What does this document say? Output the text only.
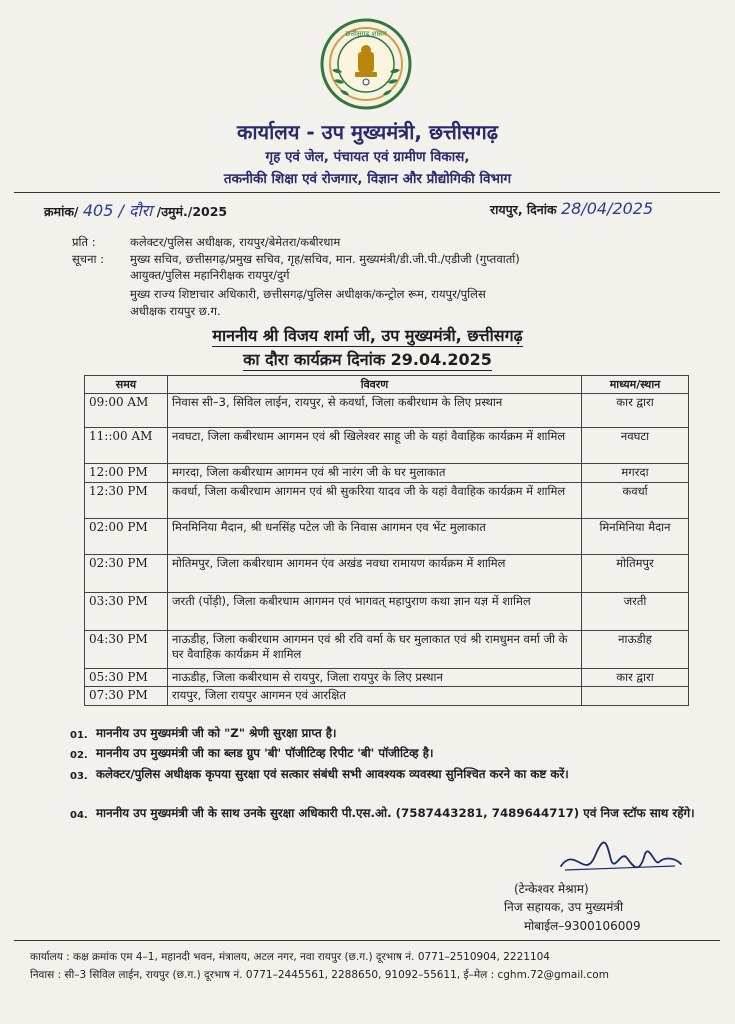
छत्तीसगढ़ शासन
कार्यालय - उप मुख्यमंत्री, छत्तीसगढ़
गृह एवं जेल, पंचायत एवं ग्रामीण विकास,
तकनीकी शिक्षा एवं रोजगार, विज्ञान और प्रौद्योगिकी विभाग
क्रमांक/ 405 / दौरा /उमुमं./2025	रायपुर, दिनांक 28/04/2025
प्रति :	कलेक्टर/पुलिस अधीक्षक, रायपुर/बेमेतरा/कबीरधाम
सूचना : मुख्य सचिव, छत्तीसगढ़/प्रमुख सचिव, गृह/सचिव, मान. मुख्यमंत्री/डी.जी.पी./एडीजी (गुप्तवार्ता)
आयुक्त/पुलिस महानिरीक्षक रायपुर/दुर्ग
मुख्य राज्य शिष्टाचार अधिकारी, छत्तीसगढ़/पुलिस अधीक्षक/कन्ट्रोल रूम, रायपुर/पुलिस
अधीक्षक रायपुर छ.ग.
माननीय श्री विजय शर्मा जी, उप मुख्यमंत्री, छत्तीसगढ़
का दौरा कार्यक्रम दिनांक 29.04.2025
समय	विवरण	माध्यम/स्थान
09:00 AM	निवास सी–3, सिविल लाईन, रायपुर, से कवर्धा, जिला कबीरधाम के लिए प्रस्थान	कार द्वारा
11::00 AM	नवघटा, जिला कबीरधाम आगमन एवं श्री खिलेश्वर साहू जी के यहां वैवाहिक कार्यक्रम में शामिल	नवघटा
12:00 PM	मगरदा, जिला कबीरधाम आगमन एवं श्री नारंग जी के घर मुलाकात	मगरदा
12:30 PM	कवर्धा, जिला कबीरधाम आगमन एवं श्री सुकरिया यादव जी के यहां वैवाहिक कार्यक्रम में शामिल	कवर्धा
02:00 PM	मिनमिनिया मैदान, श्री धनसिंह पटेल जी के निवास आगमन एव भेंट मुलाकात	मिनमिनिया मैदान
02:30 PM	मोतिमपुर, जिला कबीरधाम आगमन एंव अखंड नवधा रामायण कार्यक्रम में शामिल	मोतिमपुर
03:30 PM	जरती (पोंड़ी), जिला कबीरधाम आगमन एवं भागवत् महापुराण कथा ज्ञान यज्ञ में शामिल	जरती
04:30 PM	नाऊडीह, जिला कबीरधाम आगमन एवं श्री रवि वर्मा के घर मुलाकात एवं श्री रामधुमन वर्मा जी के घर वैवाहिक कार्यक्रम में शामिल	नाऊडीह
05:30 PM	नाऊडीह, जिला कबीरधाम से रायपुर, जिला रायपुर के लिए प्रस्थान	कार द्वारा
07:30 PM	रायपुर, जिला रायपुर आगमन एवं आरक्षित	
01. माननीय उप मुख्यमंत्री जी को "Z" श्रेणी सुरक्षा प्राप्त है।
02. माननीय उप मुख्यमंत्री जी का ब्लड ग्रुप 'बी' पॉजीटिव्ह रिपीट 'बी' पॉजीटिव्ह है।
03. कलेक्टर/पुलिस अधीक्षक कृपया सुरक्षा एवं सत्कार संबंधी सभी आवश्यक व्यवस्था सुनिश्चित करने का कष्ट करें।
04. माननीय उप मुख्यमंत्री जी के साथ उनके सुरक्षा अधिकारी पी.एस.ओ. (7587443281, 7489644717) एवं निज स्टॉफ साथ रहेंगे।
(टेन्केश्वर मेश्राम)
निज सहायक, उप मुख्यमंत्री
मोबाईल–9300106009
कार्यालय : कक्ष क्रमांक एम 4–1, महानदी भवन, मंत्रालय, अटल नगर, नवा रायपुर (छ.ग.) दूरभाष नं. 0771–2510904, 2221104
निवास : सी–3 सिविल लाईन, रायपुर (छ.ग.) दूरभाष नं. 0771–2445561, 2288650, 91092–55611, ई–मेल : cghm.72@gmail.com
